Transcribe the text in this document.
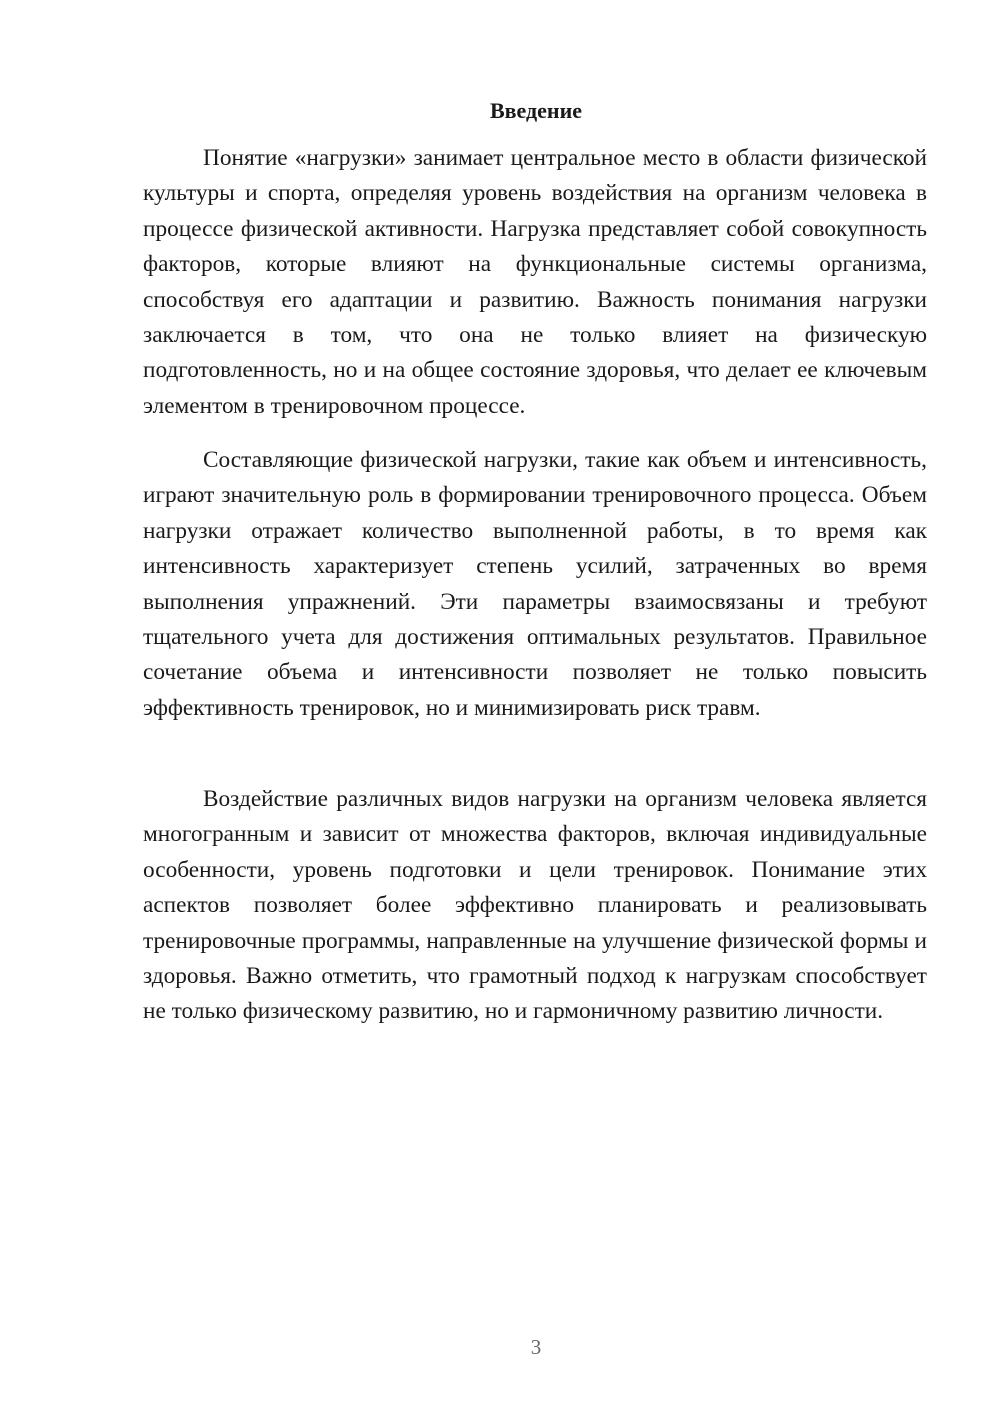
Введение

Понятие «нагрузки» занимает центральное место в области физической культуры и спорта, определяя уровень воздействия на организм человека в процессе физической активности. Нагрузка представляет собой совокупность факторов, которые влияют на функциональные системы организма, способствуя его адаптации и развитию. Важность понимания нагрузки заключается в том, что она не только влияет на физическую подготовленность, но и на общее состояние здоровья, что делает ее ключевым элементом в тренировочном процессе.

Составляющие физической нагрузки, такие как объем и интенсивность, играют значительную роль в формировании тренировочного процесса. Объем нагрузки отражает количество выполненной работы, в то время как интенсивность характеризует степень усилий, затраченных во время выполнения упражнений. Эти параметры взаимосвязаны и требуют тщательного учета для достижения оптимальных результатов. Правильное сочетание объема и интенсивности позволяет не только повысить эффективность тренировок, но и минимизировать риск травм.

Воздействие различных видов нагрузки на организм человека является многогранным и зависит от множества факторов, включая индивидуальные особенности, уровень подготовки и цели тренировок. Понимание этих аспектов позволяет более эффективно планировать и реализовывать тренировочные программы, направленные на улучшение физической формы и здоровья. Важно отметить, что грамотный подход к нагрузкам способствует не только физическому развитию, но и гармоничному развитию личности.

3
